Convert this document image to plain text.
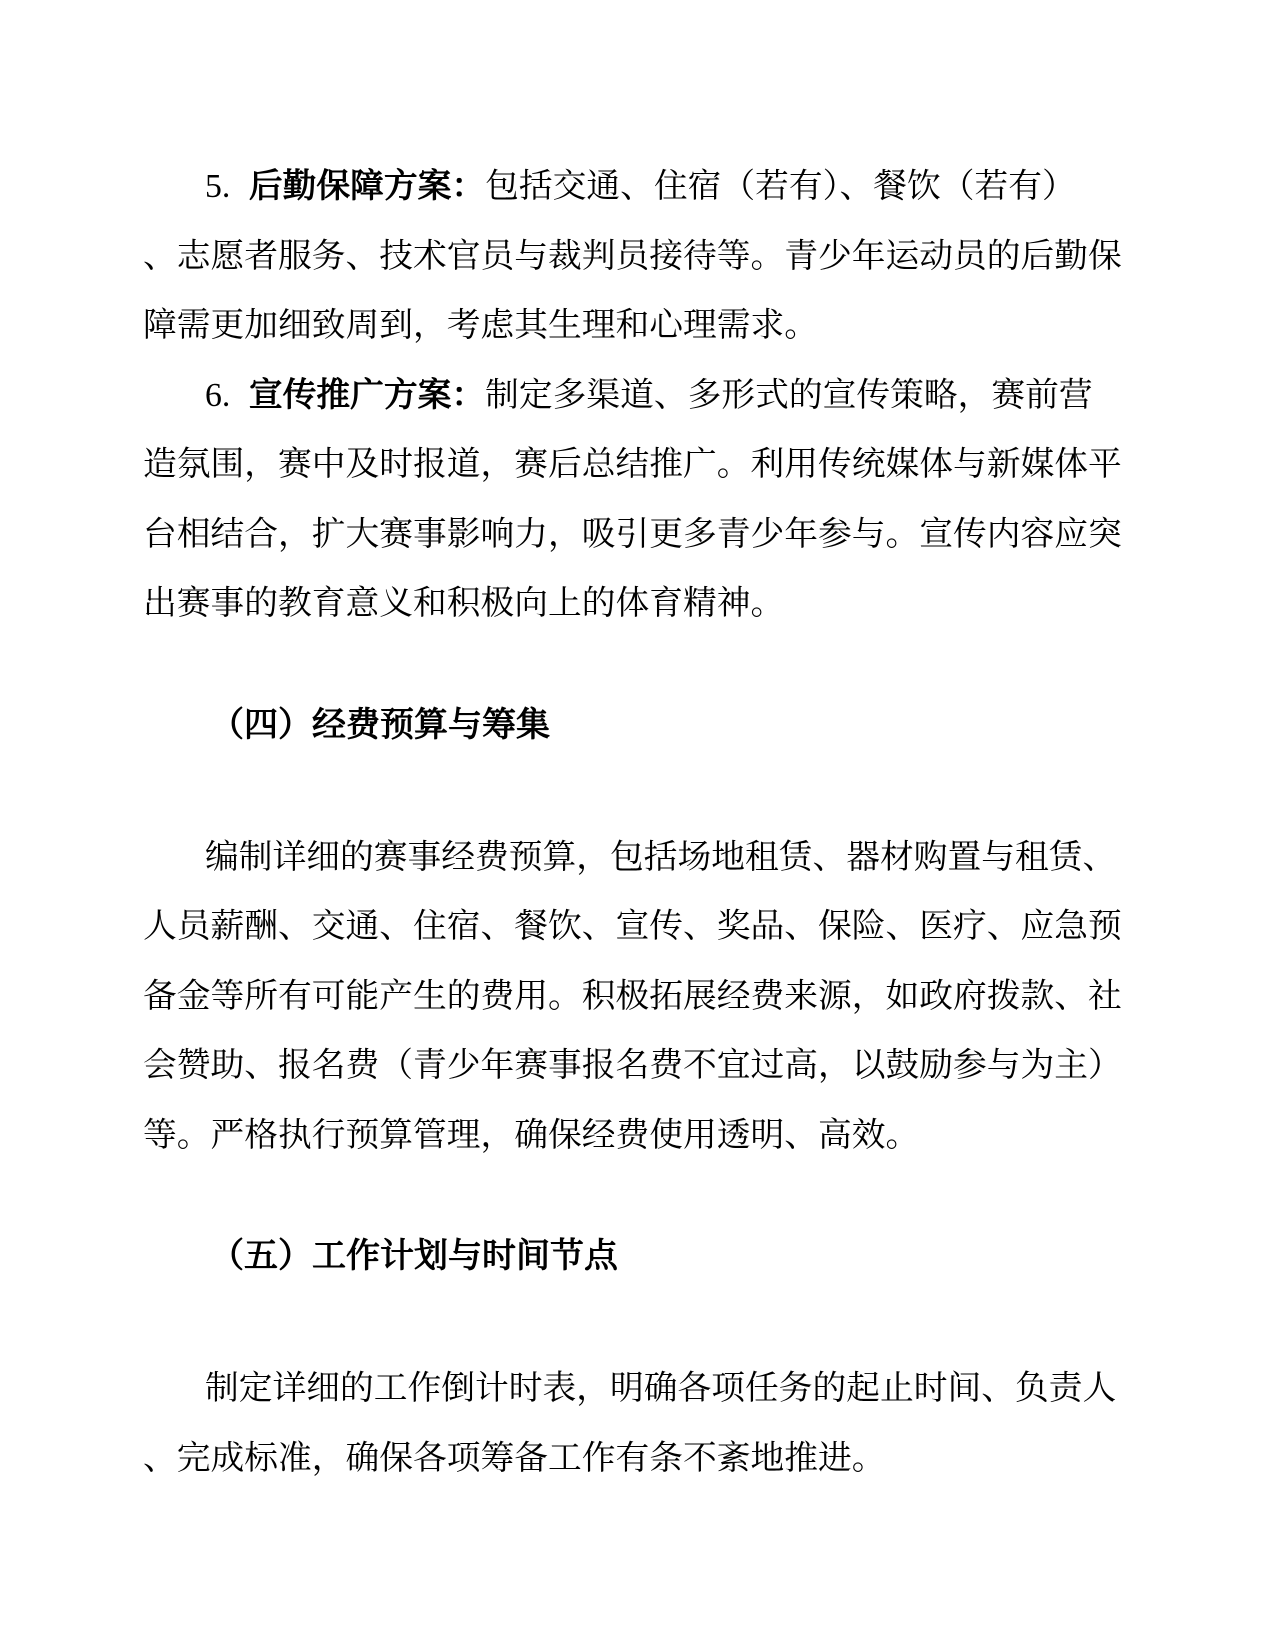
5. 后勤保障方案：包括交通、住宿（若有）、餐饮（若有）
、志愿者服务、技术官员与裁判员接待等。青少年运动员的后勤保
障需更加细致周到，考虑其生理和心理需求。
6. 宣传推广方案：制定多渠道、多形式的宣传策略，赛前营
造氛围，赛中及时报道，赛后总结推广。利用传统媒体与新媒体平
台相结合，扩大赛事影响力，吸引更多青少年参与。宣传内容应突
出赛事的教育意义和积极向上的体育精神。
（四）经费预算与筹集
编制详细的赛事经费预算，包括场地租赁、器材购置与租赁、
人员薪酬、交通、住宿、餐饮、宣传、奖品、保险、医疗、应急预
备金等所有可能产生的费用。积极拓展经费来源，如政府拨款、社
会赞助、报名费（青少年赛事报名费不宜过高，以鼓励参与为主）
等。严格执行预算管理，确保经费使用透明、高效。
（五）工作计划与时间节点
制定详细的工作倒计时表，明确各项任务的起止时间、负责人
、完成标准，确保各项筹备工作有条不紊地推进。
